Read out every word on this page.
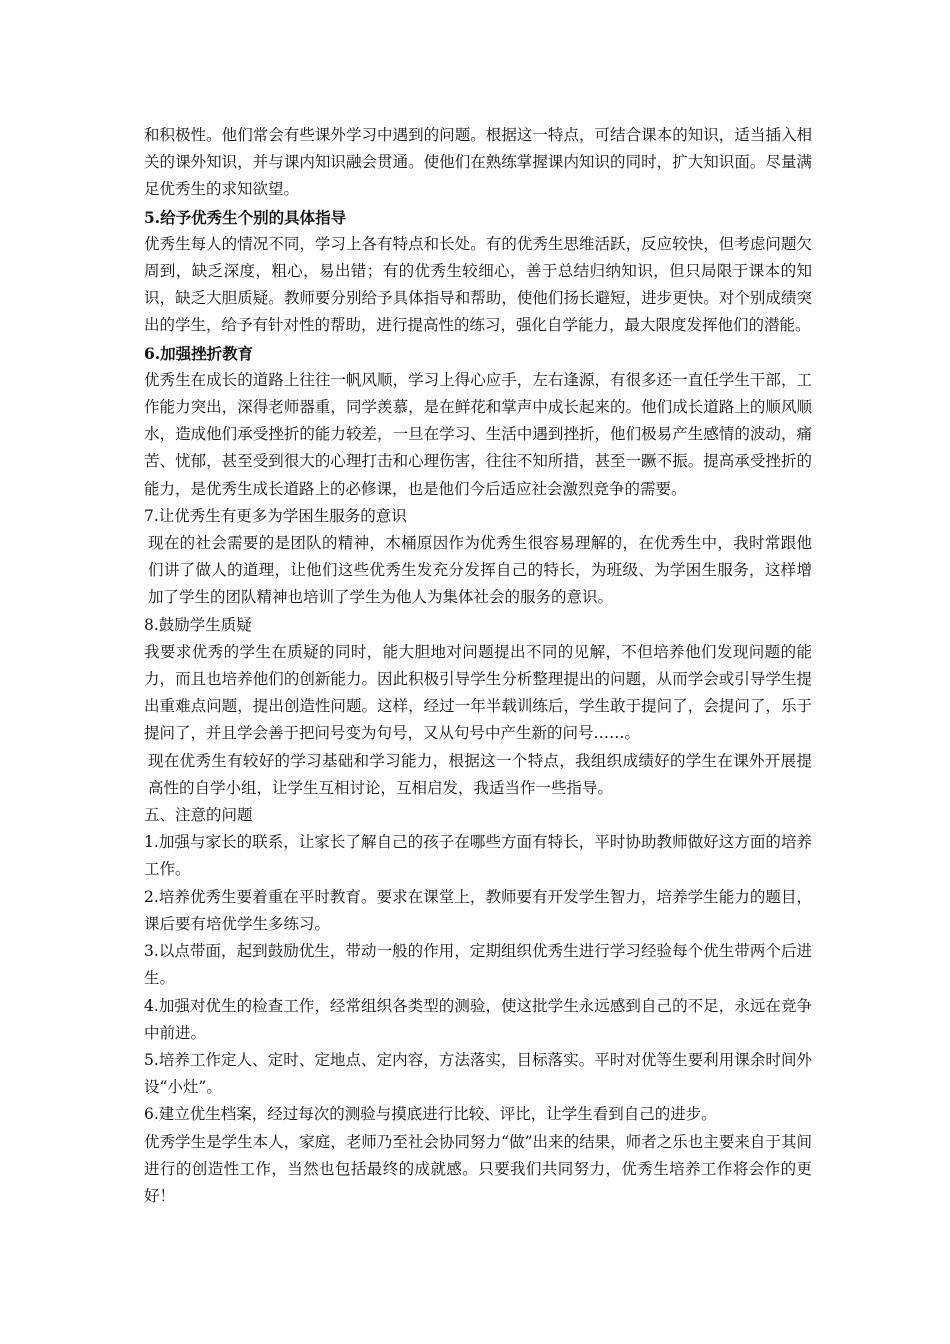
和积极性。他们常会有些课外学习中遇到的问题。根据这一特点，可结合课本的知识，适当插入相关的课外知识，并与课内知识融会贯通。使他们在熟练掌握课内知识的同时，扩大知识面。尽量满足优秀生的求知欲望。

5.给予优秀生个别的具体指导

优秀生每人的情况不同，学习上各有特点和长处。有的优秀生思维活跃，反应较快，但考虑问题欠周到，缺乏深度，粗心，易出错；有的优秀生较细心，善于总结归纳知识，但只局限于课本的知识，缺乏大胆质疑。教师要分别给予具体指导和帮助，使他们扬长避短，进步更快。对个别成绩突出的学生，给予有针对性的帮助，进行提高性的练习，强化自学能力，最大限度发挥他们的潜能。

6.加强挫折教育

优秀生在成长的道路上往往一帆风顺，学习上得心应手，左右逢源，有很多还一直任学生干部，工作能力突出，深得老师器重，同学羡慕，是在鲜花和掌声中成长起来的。他们成长道路上的顺风顺水，造成他们承受挫折的能力较差，一旦在学习、生活中遇到挫折，他们极易产生感情的波动，痛苦、忧郁，甚至受到很大的心理打击和心理伤害，往往不知所措，甚至一蹶不振。提高承受挫折的能力，是优秀生成长道路上的必修课，也是他们今后适应社会激烈竞争的需要。

7.让优秀生有更多为学困生服务的意识

现在的社会需要的是团队的精神，木桶原因作为优秀生很容易理解的，在优秀生中，我时常跟他们讲了做人的道理，让他们这些优秀生发充分发挥自己的特长，为班级、为学困生服务，这样增加了学生的团队精神也培训了学生为他人为集体社会的服务的意识。

8.鼓励学生质疑

我要求优秀的学生在质疑的同时，能大胆地对问题提出不同的见解，不但培养他们发现问题的能力，而且也培养他们的创新能力。因此积极引导学生分析整理提出的问题，从而学会或引导学生提出重难点问题，提出创造性问题。这样，经过一年半载训练后，学生敢于提问了，会提问了，乐于提问了，并且学会善于把问号变为句号，又从句号中产生新的问号……。

现在优秀生有较好的学习基础和学习能力，根据这一个特点，我组织成绩好的学生在课外开展提高性的自学小组，让学生互相讨论，互相启发，我适当作一些指导。

五、注意的问题

1.加强与家长的联系，让家长了解自己的孩子在哪些方面有特长，平时协助教师做好这方面的培养工作。

2.培养优秀生要着重在平时教育。要求在课堂上，教师要有开发学生智力，培养学生能力的题目，课后要有培优学生多练习。

3.以点带面，起到鼓励优生，带动一般的作用，定期组织优秀生进行学习经验每个优生带两个后进生。

4.加强对优生的检查工作，经常组织各类型的测验，使这批学生永远感到自己的不足，永远在竞争中前进。

5.培养工作定人、定时、定地点、定内容，方法落实，目标落实。平时对优等生要利用课余时间外设“小灶”。

6.建立优生档案，经过每次的测验与摸底进行比较、评比，让学生看到自己的进步。

优秀学生是学生本人，家庭，老师乃至社会协同努力“做”出来的结果，师者之乐也主要来自于其间进行的创造性工作，当然也包括最终的成就感。只要我们共同努力，优秀生培养工作将会作的更好！
